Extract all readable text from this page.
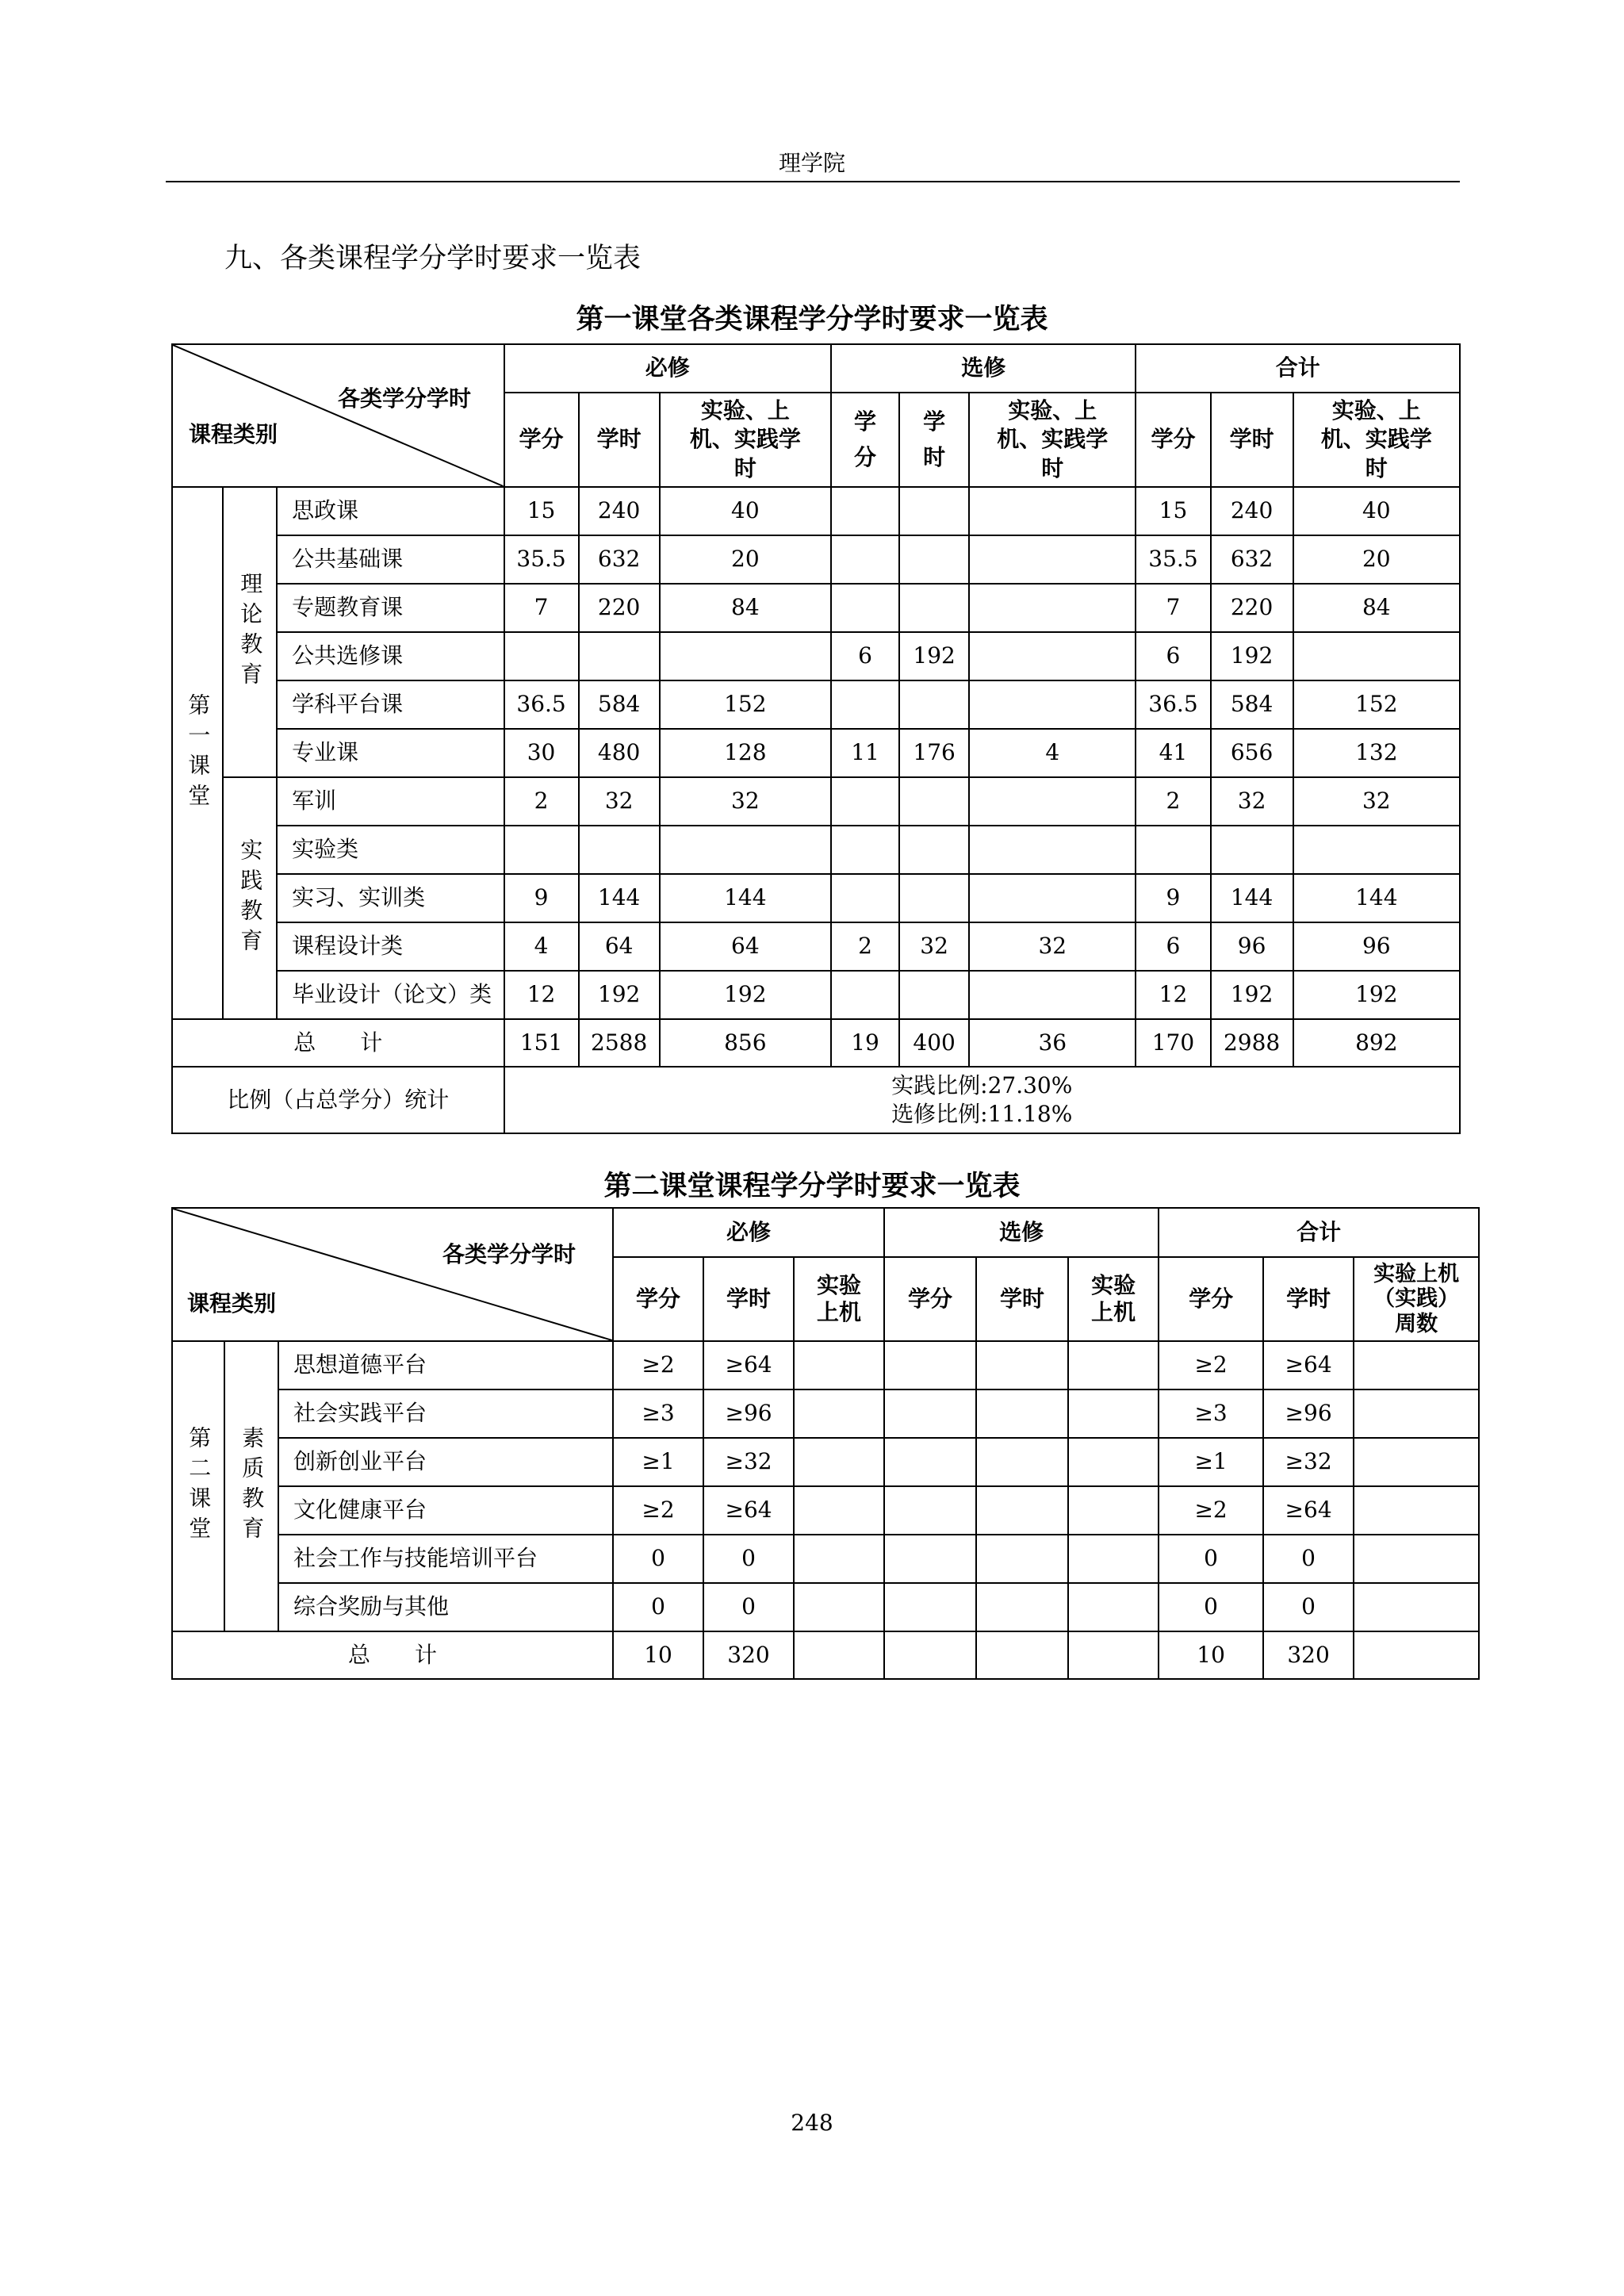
理学院
九、各类课程学分学时要求一览表
第一课堂各类课程学分学时要求一览表
各类学分学时
课程类别			必修			选修			合计		
			学分	学时	实验、上机、实践学时	学分	学时	实验、上机、实践学时	学分	学时	实验、上机、实践学时

第一课堂	理论教育	思政课	15	240	40				15	240	40
		公共基础课	35.5	632	20				35.5	632	20
		专题教育课	7	220	84				7	220	84
		公共选修课				6	192		6	192	
		学科平台课	36.5	584	152				36.5	584	152
		专业课	30	480	128	11	176	4	41	656	132

	实践教育	军训	2	32	32				2	32	32
		实验类									
		实习、实训类	9	144	144				9	144	144
		课程设计类	4	64	64	2	32	32	6	96	96
		毕业设计（论文）类	12	192	192				12	192	192
总　　计			151	2588	856	19	400	36	170	2988	892
比例（占总学分）统计			实践比例:27.30%
选修比例:11.18%								
第二课堂课程学分学时要求一览表
各类学分学时
课程类别			必修			选修			合计		
			学分	学时	实验上机	学分	学时	实验上机	学分	学时	实验上机（实践）周数

第二课堂	素质教育	思想道德平台	≥2	≥64					≥2	≥64	
		社会实践平台	≥3	≥96					≥3	≥96	
		创新创业平台	≥1	≥32					≥1	≥32	
		文化健康平台	≥2	≥64					≥2	≥64	
		社会工作与技能培训平台	0	0					0	0	
		综合奖励与其他	0	0					0	0	
总　　计			10	320					10	320	
248
